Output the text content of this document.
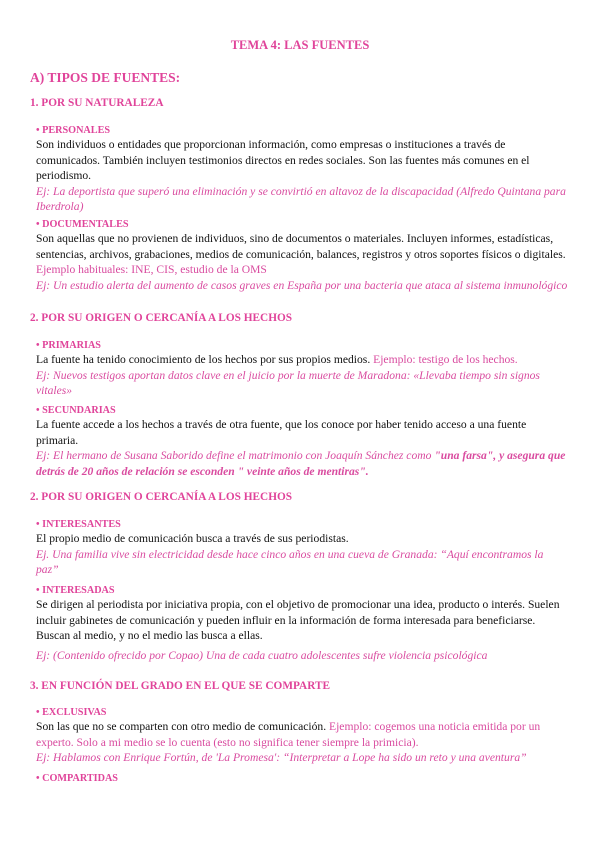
TEMA 4: LAS FUENTES
A) TIPOS DE FUENTES:
1. POR SU NATURALEZA
• PERSONALES
Son individuos o entidades que proporcionan información, como empresas o instituciones a través de comunicados. También incluyen testimonios directos en redes sociales. Son las fuentes más comunes en el periodismo.
Ej: La deportista que superó una eliminación y se convirtió en altavoz de la discapacidad (Alfredo Quintana para Iberdrola)
• DOCUMENTALES
Son aquellas que no provienen de individuos, sino de documentos o materiales. Incluyen informes, estadísticas, sentencias, archivos, grabaciones, medios de comunicación, balances, registros y otros soportes físicos o digitales. Ejemplo habituales: INE, CIS, estudio de la OMS
Ej: Un estudio alerta del aumento de casos graves en España por una bacteria que ataca al sistema inmunológico
2. POR SU ORIGEN O CERCANÍA A LOS HECHOS
• PRIMARIAS
La fuente ha tenido conocimiento de los hechos por sus propios medios. Ejemplo: testigo de los hechos.
Ej: Nuevos testigos aportan datos clave en el juicio por la muerte de Maradona: «Llevaba tiempo sin signos vitales»
• SECUNDARIAS
La fuente accede a los hechos a través de otra fuente, que los conoce por haber tenido acceso a una fuente primaria.
Ej: El hermano de Susana Saborido define el matrimonio con Joaquín Sánchez como "una farsa", y asegura que detrás de 20 años de relación se esconden " veinte años de mentiras".
2. POR SU ORIGEN O CERCANÍA A LOS HECHOS
• INTERESANTES
El propio medio de comunicación busca a través de sus periodistas.
Ej. Una familia vive sin electricidad desde hace cinco años en una cueva de Granada: “Aquí encontramos la paz”
• INTERESADAS
Se dirigen al periodista por iniciativa propia, con el objetivo de promocionar una idea, producto o interés. Suelen incluir gabinetes de comunicación y pueden influir en la información de forma interesada para beneficiarse. Buscan al medio, y no el medio las busca a ellas.
Ej: (Contenido ofrecido por Copao) Una de cada cuatro adolescentes sufre violencia psicológica
3. EN FUNCIÓN DEL GRADO EN EL QUE SE COMPARTE
• EXCLUSIVAS
Son las que no se comparten con otro medio de comunicación. Ejemplo: cogemos una noticia emitida por un experto. Solo a mi medio se lo cuenta (esto no significa tener siempre la primicia).
Ej: Hablamos con Enrique Fortún, de 'La Promesa': “Interpretar a Lope ha sido un reto y una aventura”
• COMPARTIDAS
